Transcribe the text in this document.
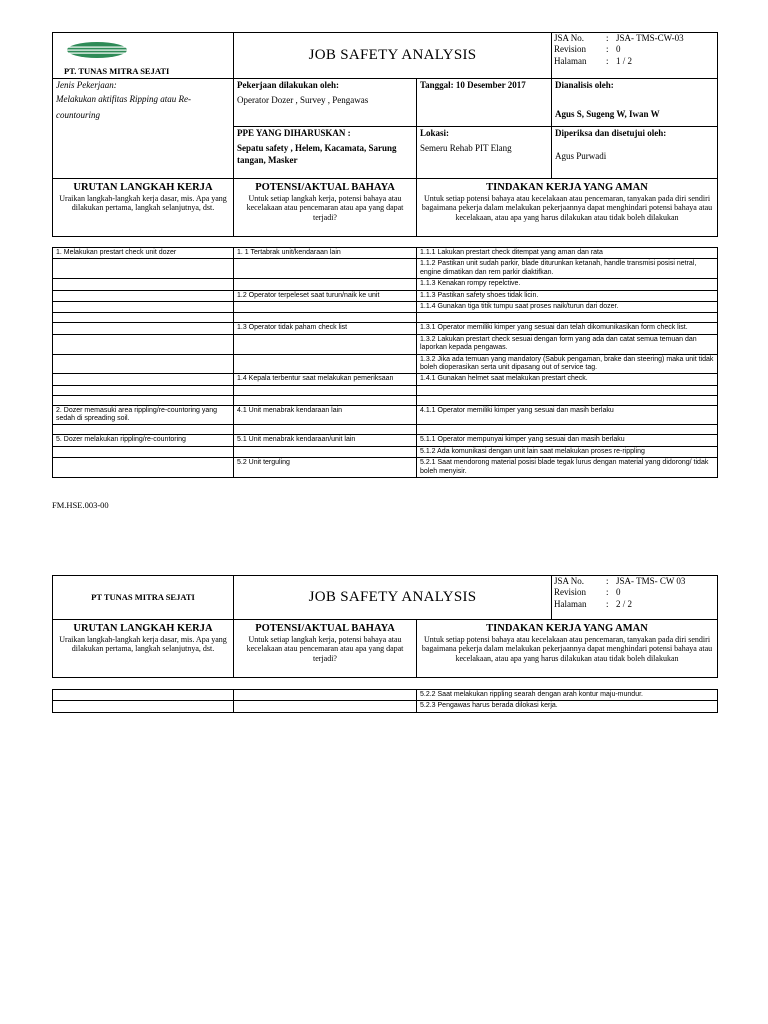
PT. TUNAS MITRA SEJATI
	JOB SAFETY ANALYSIS	
JSA No.	:	JSA- TMS-CW-03
Revision	:	0
Halaman	:	1 / 2

Jenis Pekerjaan:
Melakukan aktifitas Ripping atau Re-countouring

Pekerjaan dilakukan oleh:
Operator Dozer , Survey , Pengawas
	Tanggal: 10 Desember 2017	Dianalisis oleh:
Agus S, Sugeng W, Iwan W

PPE YANG DIHARUSKAN :
Sepatu safety , Helem, Kacamata, Sarung tangan, Masker

Lokasi:
Semeru Rehab PIT Elang

Diperiksa dan disetujui oleh:
Agus Purwadi

URUTAN LANGKAH KERJA
Uraikan langkah-langkah kerja dasar, mis. Apa yang dilakukan pertama, langkah selanjutnya, dst.

POTENSI/AKTUAL BAHAYA
Untuk setiap langkah kerja, potensi bahaya atau kecelakaan atau pencemaran atau apa yang dapat terjadi?

TINDAKAN KERJA YANG AMAN
Untuk setiap potensi bahaya atau kecelakaan atau pencemaran, tanyakan pada diri sendiri bagaimana pekerja dalam melakukan pekerjaannya dapat menghindari potensi bahaya atau kecelakaan, atau apa yang harus dilakukan atau tidak boleh dilakukan
1. Melakukan prestart check unit dozer	1. 1 Tertabrak unit/kendaraan lain	1.1.1 Lakukan prestart check ditempat yang aman dan rata
		1.1.2 Pastikan unit sudah parkir, blade diturunkan ketanah, handle transmisi posisi netral, engine dimatikan dan rem parkir diaktifkan.
		1.1.3 Kenakan rompy repelctive.
	1.2 Operator terpeleset saat turun/naik ke unit	1.1.3 Pastikan safety shoes tidak licin.
		1.1.4 Gunakan tiga titik tumpu saat proses naik/turun dari dozer.

	1.3 Operator tidak paham check list	1.3.1 Operator memiliki kimper yang sesuai dan telah dikomunikasikan form check list.
		1.3.2 Lakukan prestart check sesuai dengan form yang ada dan catat semua temuan dan laporkan kepada pengawas.
		1.3.2 Jika ada temuan yang mandatory (Sabuk pengaman, brake dan steering) maka unit tidak boleh dioperasikan serta unit dipasang out of service tag.
	1.4 Kepala terbentur saat melakukan pemeriksaan	1.4.1 Gunakan helmet saat melakukan prestart check.

2. Dozer memasuki area rippling/re-countoring yang sedah di spreading soil.	4.1 Unit menabrak kendaraan lain	4.1.1 Operator memiliki kimper yang sesuai dan masih berlaku

5. Dozer melakukan rippling/re-countoring	5.1 Unit menabrak kendaraan/unit lain	5.1.1 Operator mempunyai kimper yang sesuai dan masih berlaku
		5.1.2 Ada komunikasi dengan unit lain saat melakukan proses re-rippling
	5.2 Unit terguling	5.2.1 Saat mendorong material posisi blade tegak lurus dengan material yang didorong/ tidak boleh menyisir.
FM.HSE.003-00
PT TUNAS MITRA SEJATI	JOB SAFETY ANALYSIS	
JSA No.	:	JSA- TMS- CW 03
Revision	:	0
Halaman	:	2 / 2

URUTAN LANGKAH KERJA
Uraikan langkah-langkah kerja dasar, mis. Apa yang dilakukan pertama, langkah selanjutnya, dst.

POTENSI/AKTUAL BAHAYA
Untuk setiap langkah kerja, potensi bahaya atau kecelakaan atau pencemaran atau apa yang dapat terjadi?

TINDAKAN KERJA YANG AMAN
Untuk setiap potensi bahaya atau kecelakaan atau pencemaran, tanyakan pada diri sendiri bagaimana pekerja dalam melakukan pekerjaannya dapat menghindari potensi bahaya atau kecelakaan, atau apa yang harus dilakukan atau tidak boleh dilakukan
		5.2.2 Saat melakukan rippling searah dengan arah kontur maju-mundur.
		5.2.3 Pengawas harus berada dilokasi kerja.
